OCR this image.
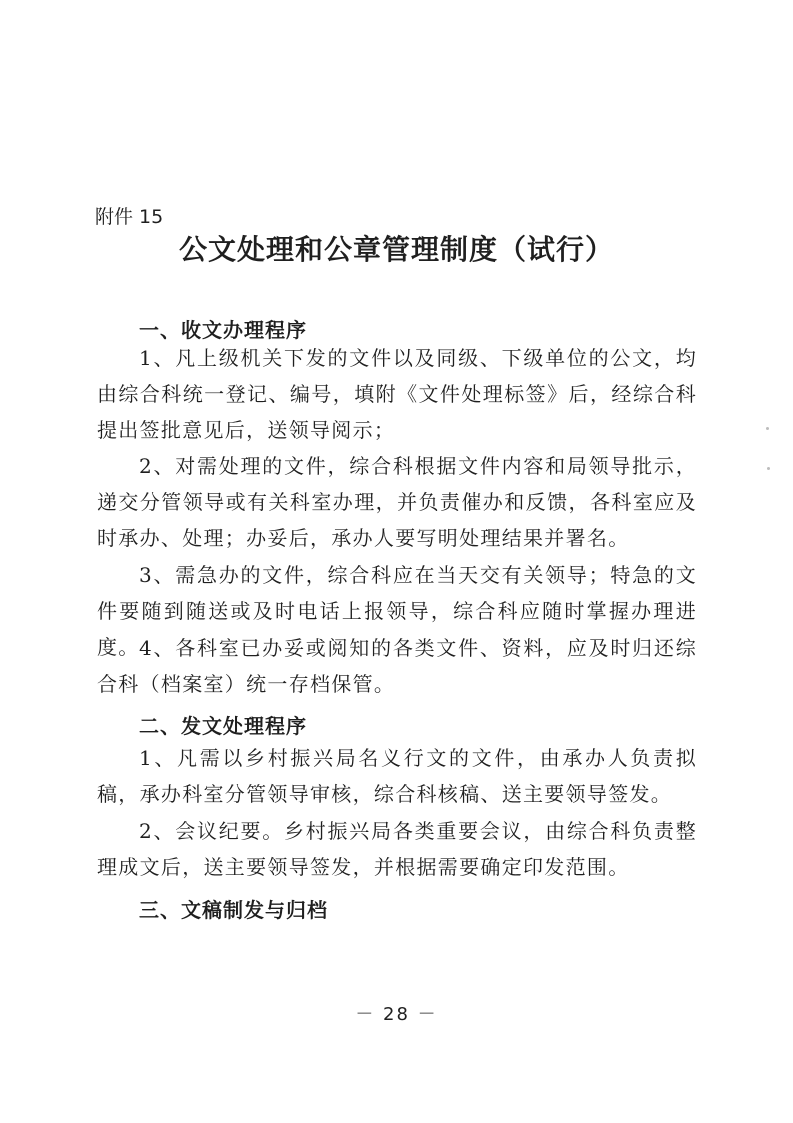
附件 15
公文处理和公章管理制度（试行）
一、收文办理程序
1、凡上级机关下发的文件以及同级、下级单位的公文，均由综合科统一登记、编号，填附《文件处理标签》后，经综合科提出签批意见后，送领导阅示；
2、对需处理的文件，综合科根据文件内容和局领导批示，递交分管领导或有关科室办理，并负责催办和反馈，各科室应及时承办、处理；办妥后，承办人要写明处理结果并署名。
3、需急办的文件，综合科应在当天交有关领导；特急的文件要随到随送或及时电话上报领导，综合科应随时掌握办理进度。 4、各科室已办妥或阅知的各类文件、资料，应及时归还综合科（档案室）统一存档保管。
二、发文处理程序
1、凡需以乡村振兴局名义行文的文件，由承办人负责拟稿，承办科室分管领导审核，综合科核稿、送主要领导签发。
2、会议纪要。乡村振兴局各类重要会议，由综合科负责整理成文后，送主要领导签发，并根据需要确定印发范围。
三、文稿制发与归档
－ 28 －
